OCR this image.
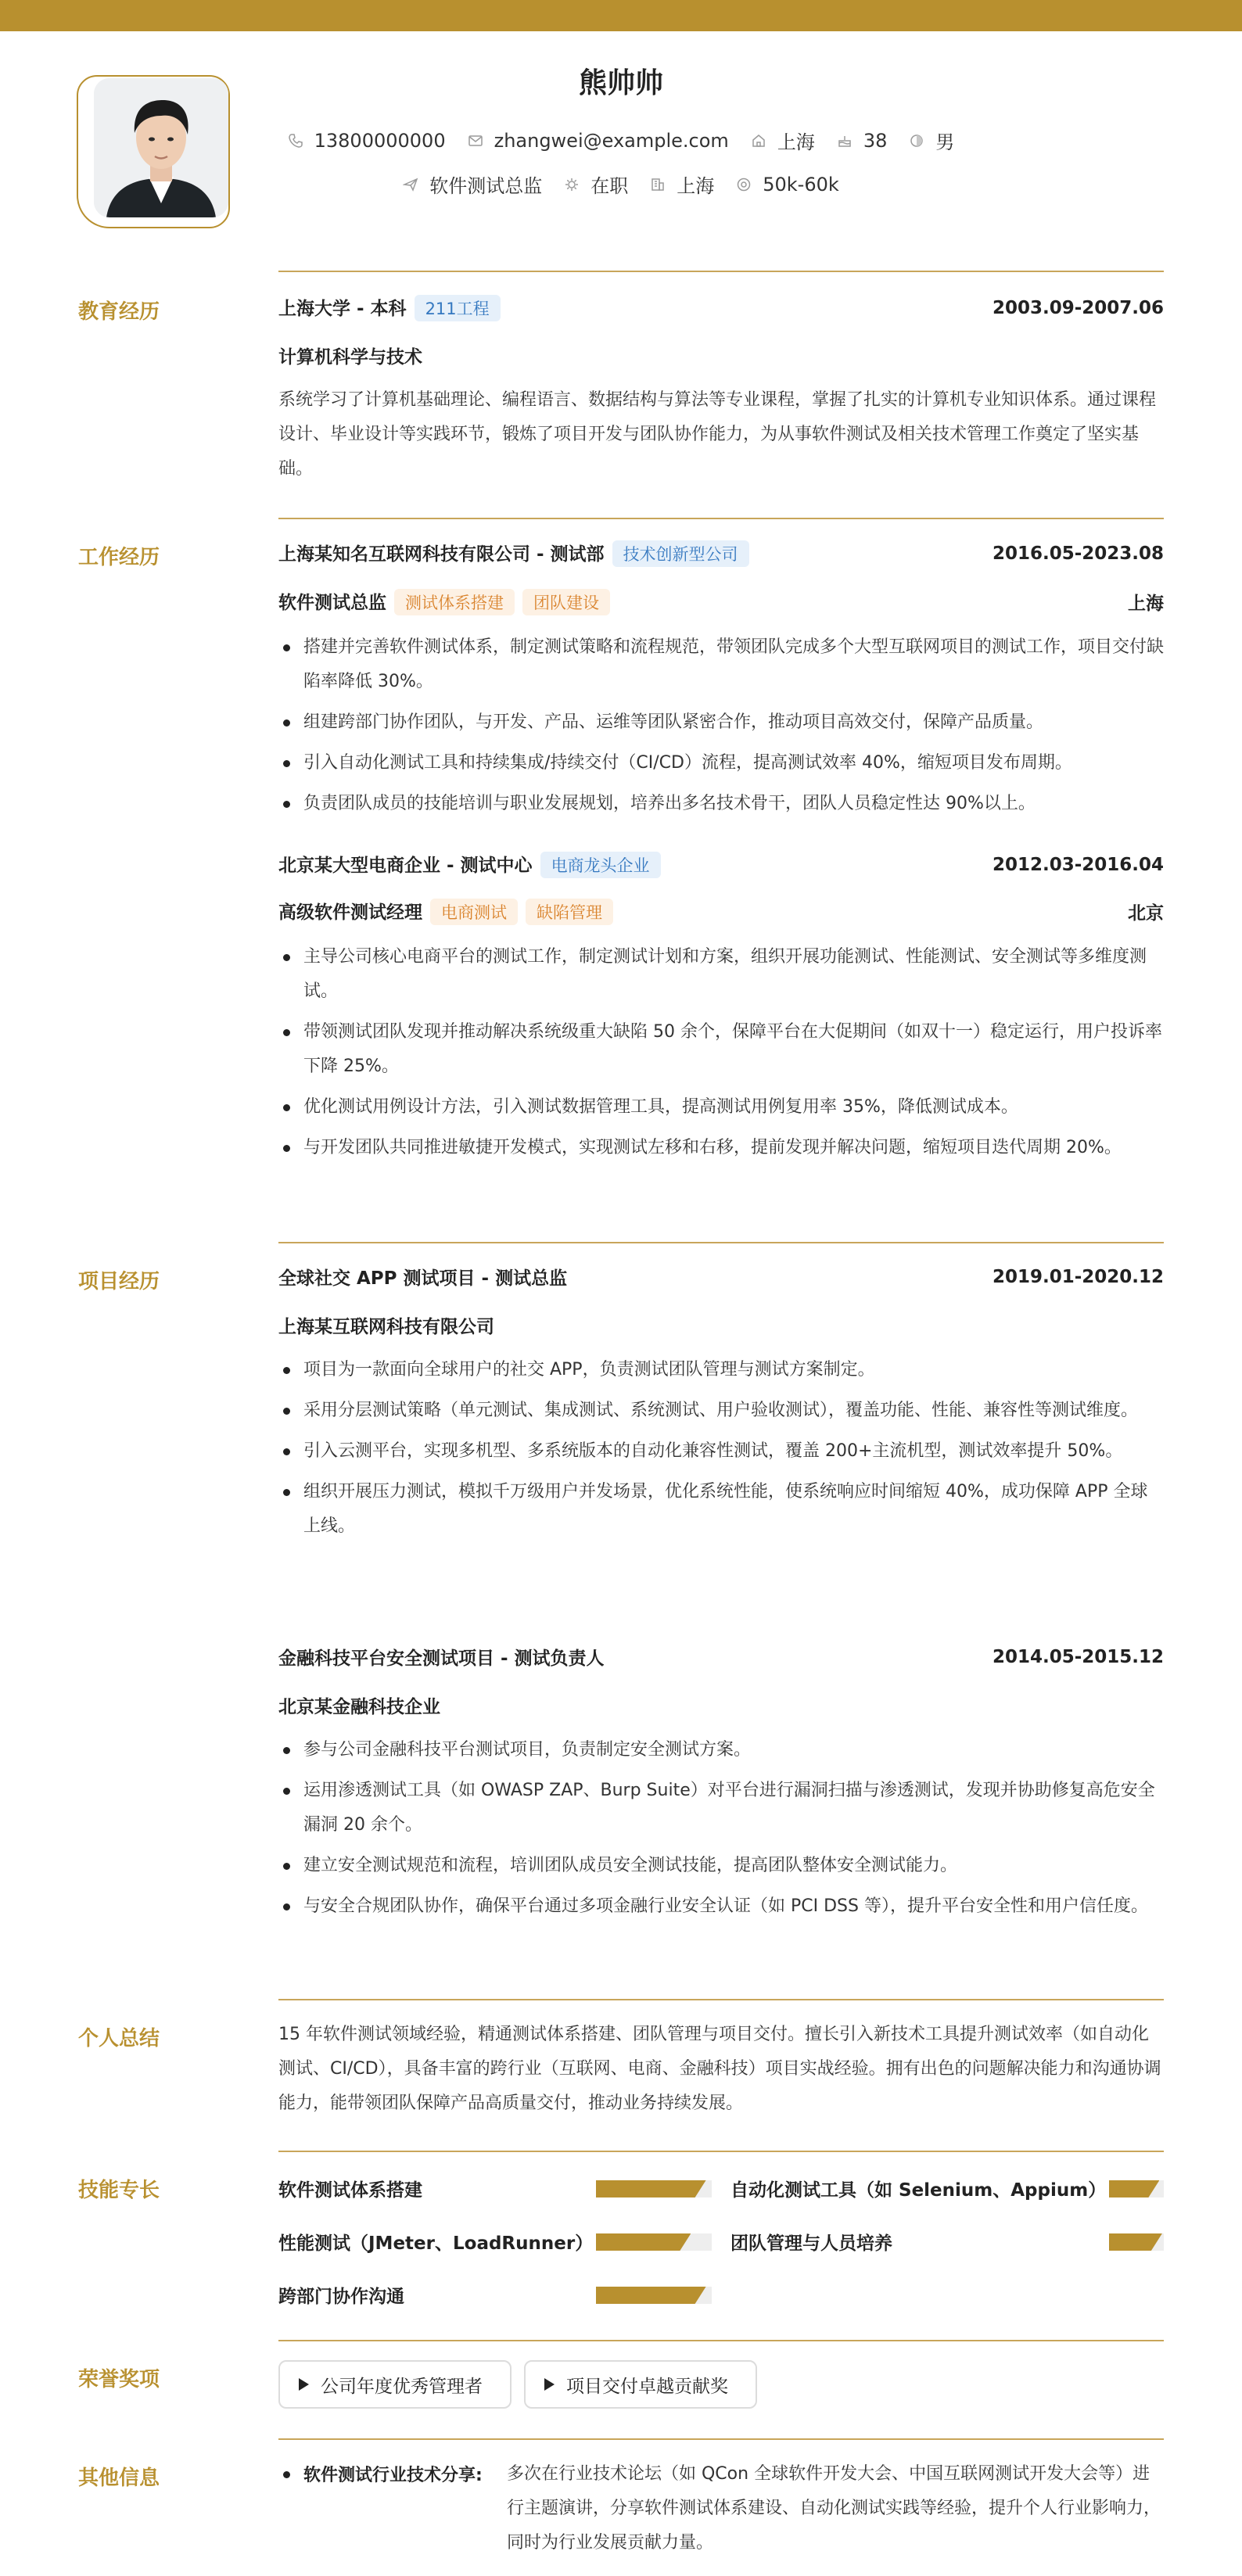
熊帅帅
13800000000	zhangwei@example.com	上海	38	男
软件测试总监	在职	上海	50k-60k
教育经历	上海大学 - 本科 211工程	2003.09-2007.06
计算机科学与技术
系统学习了计算机基础理论、编程语言、数据结构与算法等专业课程，掌握了扎实的计算机专业知识体系。通过课程设计、毕业设计等实践环节，锻炼了项目开发与团队协作能力，为从事软件测试及相关技术管理工作奠定了坚实基础。
工作经历	上海某知名互联网科技有限公司 - 测试部 技术创新型公司	2016.05-2023.08
软件测试总监 测试体系搭建 团队建设	上海
搭建并完善软件测试体系，制定测试策略和流程规范，带领团队完成多个大型互联网项目的测试工作，项目交付缺陷率降低 30%。
组建跨部门协作团队，与开发、产品、运维等团队紧密合作，推动项目高效交付，保障产品质量。
引入自动化测试工具和持续集成/持续交付（CI/CD）流程，提高测试效率 40%，缩短项目发布周期。
负责团队成员的技能培训与职业发展规划，培养出多名技术骨干，团队人员稳定性达 90%以上。
北京某大型电商企业 - 测试中心 电商龙头企业	2012.03-2016.04
高级软件测试经理 电商测试 缺陷管理	北京
主导公司核心电商平台的测试工作，制定测试计划和方案，组织开展功能测试、性能测试、安全测试等多维度测试。
带领测试团队发现并推动解决系统级重大缺陷 50 余个，保障平台在大促期间（如双十一）稳定运行，用户投诉率下降 25%。
优化测试用例设计方法，引入测试数据管理工具，提高测试用例复用率 35%，降低测试成本。
与开发团队共同推进敏捷开发模式，实现测试左移和右移，提前发现并解决问题，缩短项目迭代周期 20%。
项目经历	全球社交 APP 测试项目 - 测试总监	2019.01-2020.12
上海某互联网科技有限公司
项目为一款面向全球用户的社交 APP，负责测试团队管理与测试方案制定。
采用分层测试策略（单元测试、集成测试、系统测试、用户验收测试），覆盖功能、性能、兼容性等测试维度。
引入云测平台，实现多机型、多系统版本的自动化兼容性测试，覆盖 200+主流机型，测试效率提升 50%。
组织开展压力测试，模拟千万级用户并发场景，优化系统性能，使系统响应时间缩短 40%，成功保障 APP 全球上线。
金融科技平台安全测试项目 - 测试负责人	2014.05-2015.12
北京某金融科技企业
参与公司金融科技平台测试项目，负责制定安全测试方案。
运用渗透测试工具（如 OWASP ZAP、Burp Suite）对平台进行漏洞扫描与渗透测试，发现并协助修复高危安全漏洞 20 余个。
建立安全测试规范和流程，培训团队成员安全测试技能，提高团队整体安全测试能力。
与安全合规团队协作，确保平台通过多项金融行业安全认证（如 PCI DSS 等），提升平台安全性和用户信任度。
个人总结	15 年软件测试领域经验，精通测试体系搭建、团队管理与项目交付。擅长引入新技术工具提升测试效率（如自动化测试、CI/CD），具备丰富的跨行业（互联网、电商、金融科技）项目实战经验。拥有出色的问题解决能力和沟通协调能力，能带领团队保障产品高质量交付，推动业务持续发展。
技能专长	软件测试体系搭建	自动化测试工具（如 Selenium、Appium）
性能测试（JMeter、LoadRunner）	团队管理与人员培养
跨部门协作沟通
荣誉奖项	公司年度优秀管理者	项目交付卓越贡献奖
其他信息	软件测试行业技术分享: 多次在行业技术论坛（如 QCon 全球软件开发大会、中国互联网测试开发大会等）进行主题演讲，分享软件测试体系建设、自动化测试实践等经验，提升个人行业影响力，同时为行业发展贡献力量。
